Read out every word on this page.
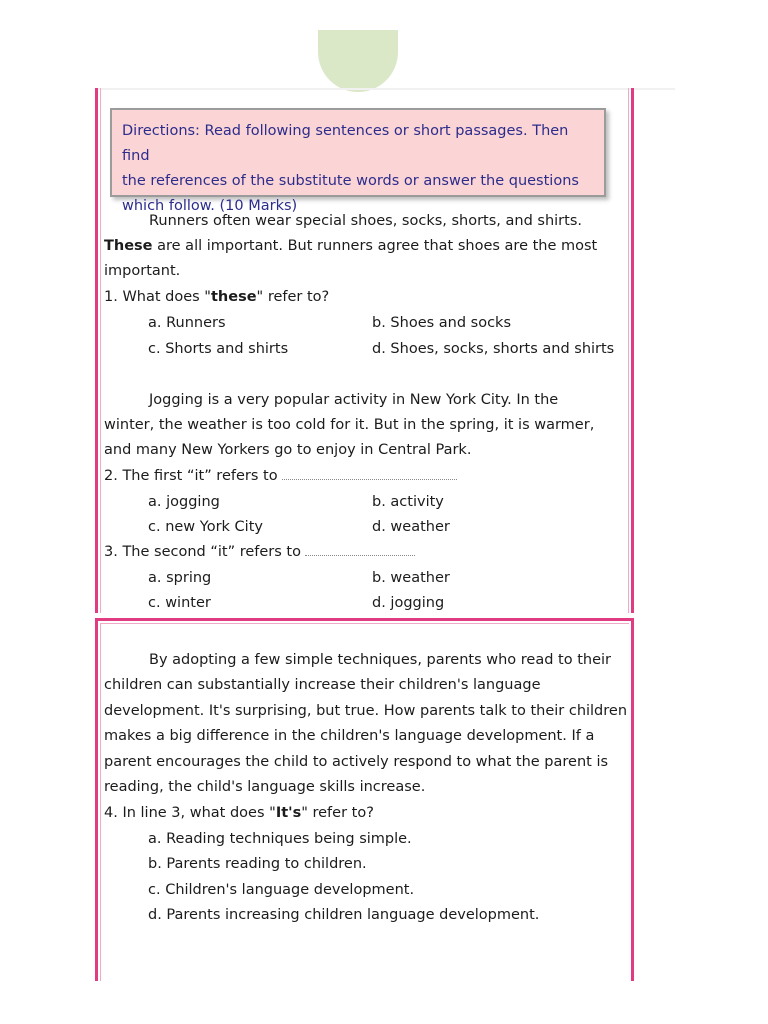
Directions: Read following sentences or short passages. Then find
the references of the substitute words or answer the questions
which follow. (10 Marks)

Runners often wear special shoes, socks, shorts, and shirts.
These are all important. But runners agree that shoes are the most
important.
1. What does "these" refer to?
a. Runners	b. Shoes and socks
c. Shorts and shirts	d. Shoes, socks, shorts and shirts
Jogging is a very popular activity in New York City. In the
winter, the weather is too cold for it. But in the spring, it is warmer,
and many New Yorkers go to enjoy in Central Park.
2. The first “it” refers to
a. jogging	b. activity
c. new York City	d. weather
3. The second “it” refers to
a. spring	b. weather
c. winter	d. jogging
By adopting a few simple techniques, parents who read to their
children can substantially increase their children's language
development. It's surprising, but true. How parents talk to their children
makes a big difference in the children's language development. If a
parent encourages the child to actively respond to what the parent is
reading, the child's language skills increase.
4. In line 3, what does "It's" refer to?
a. Reading techniques being simple.
b. Parents reading to children.
c. Children's language development.
d. Parents increasing children language development.
